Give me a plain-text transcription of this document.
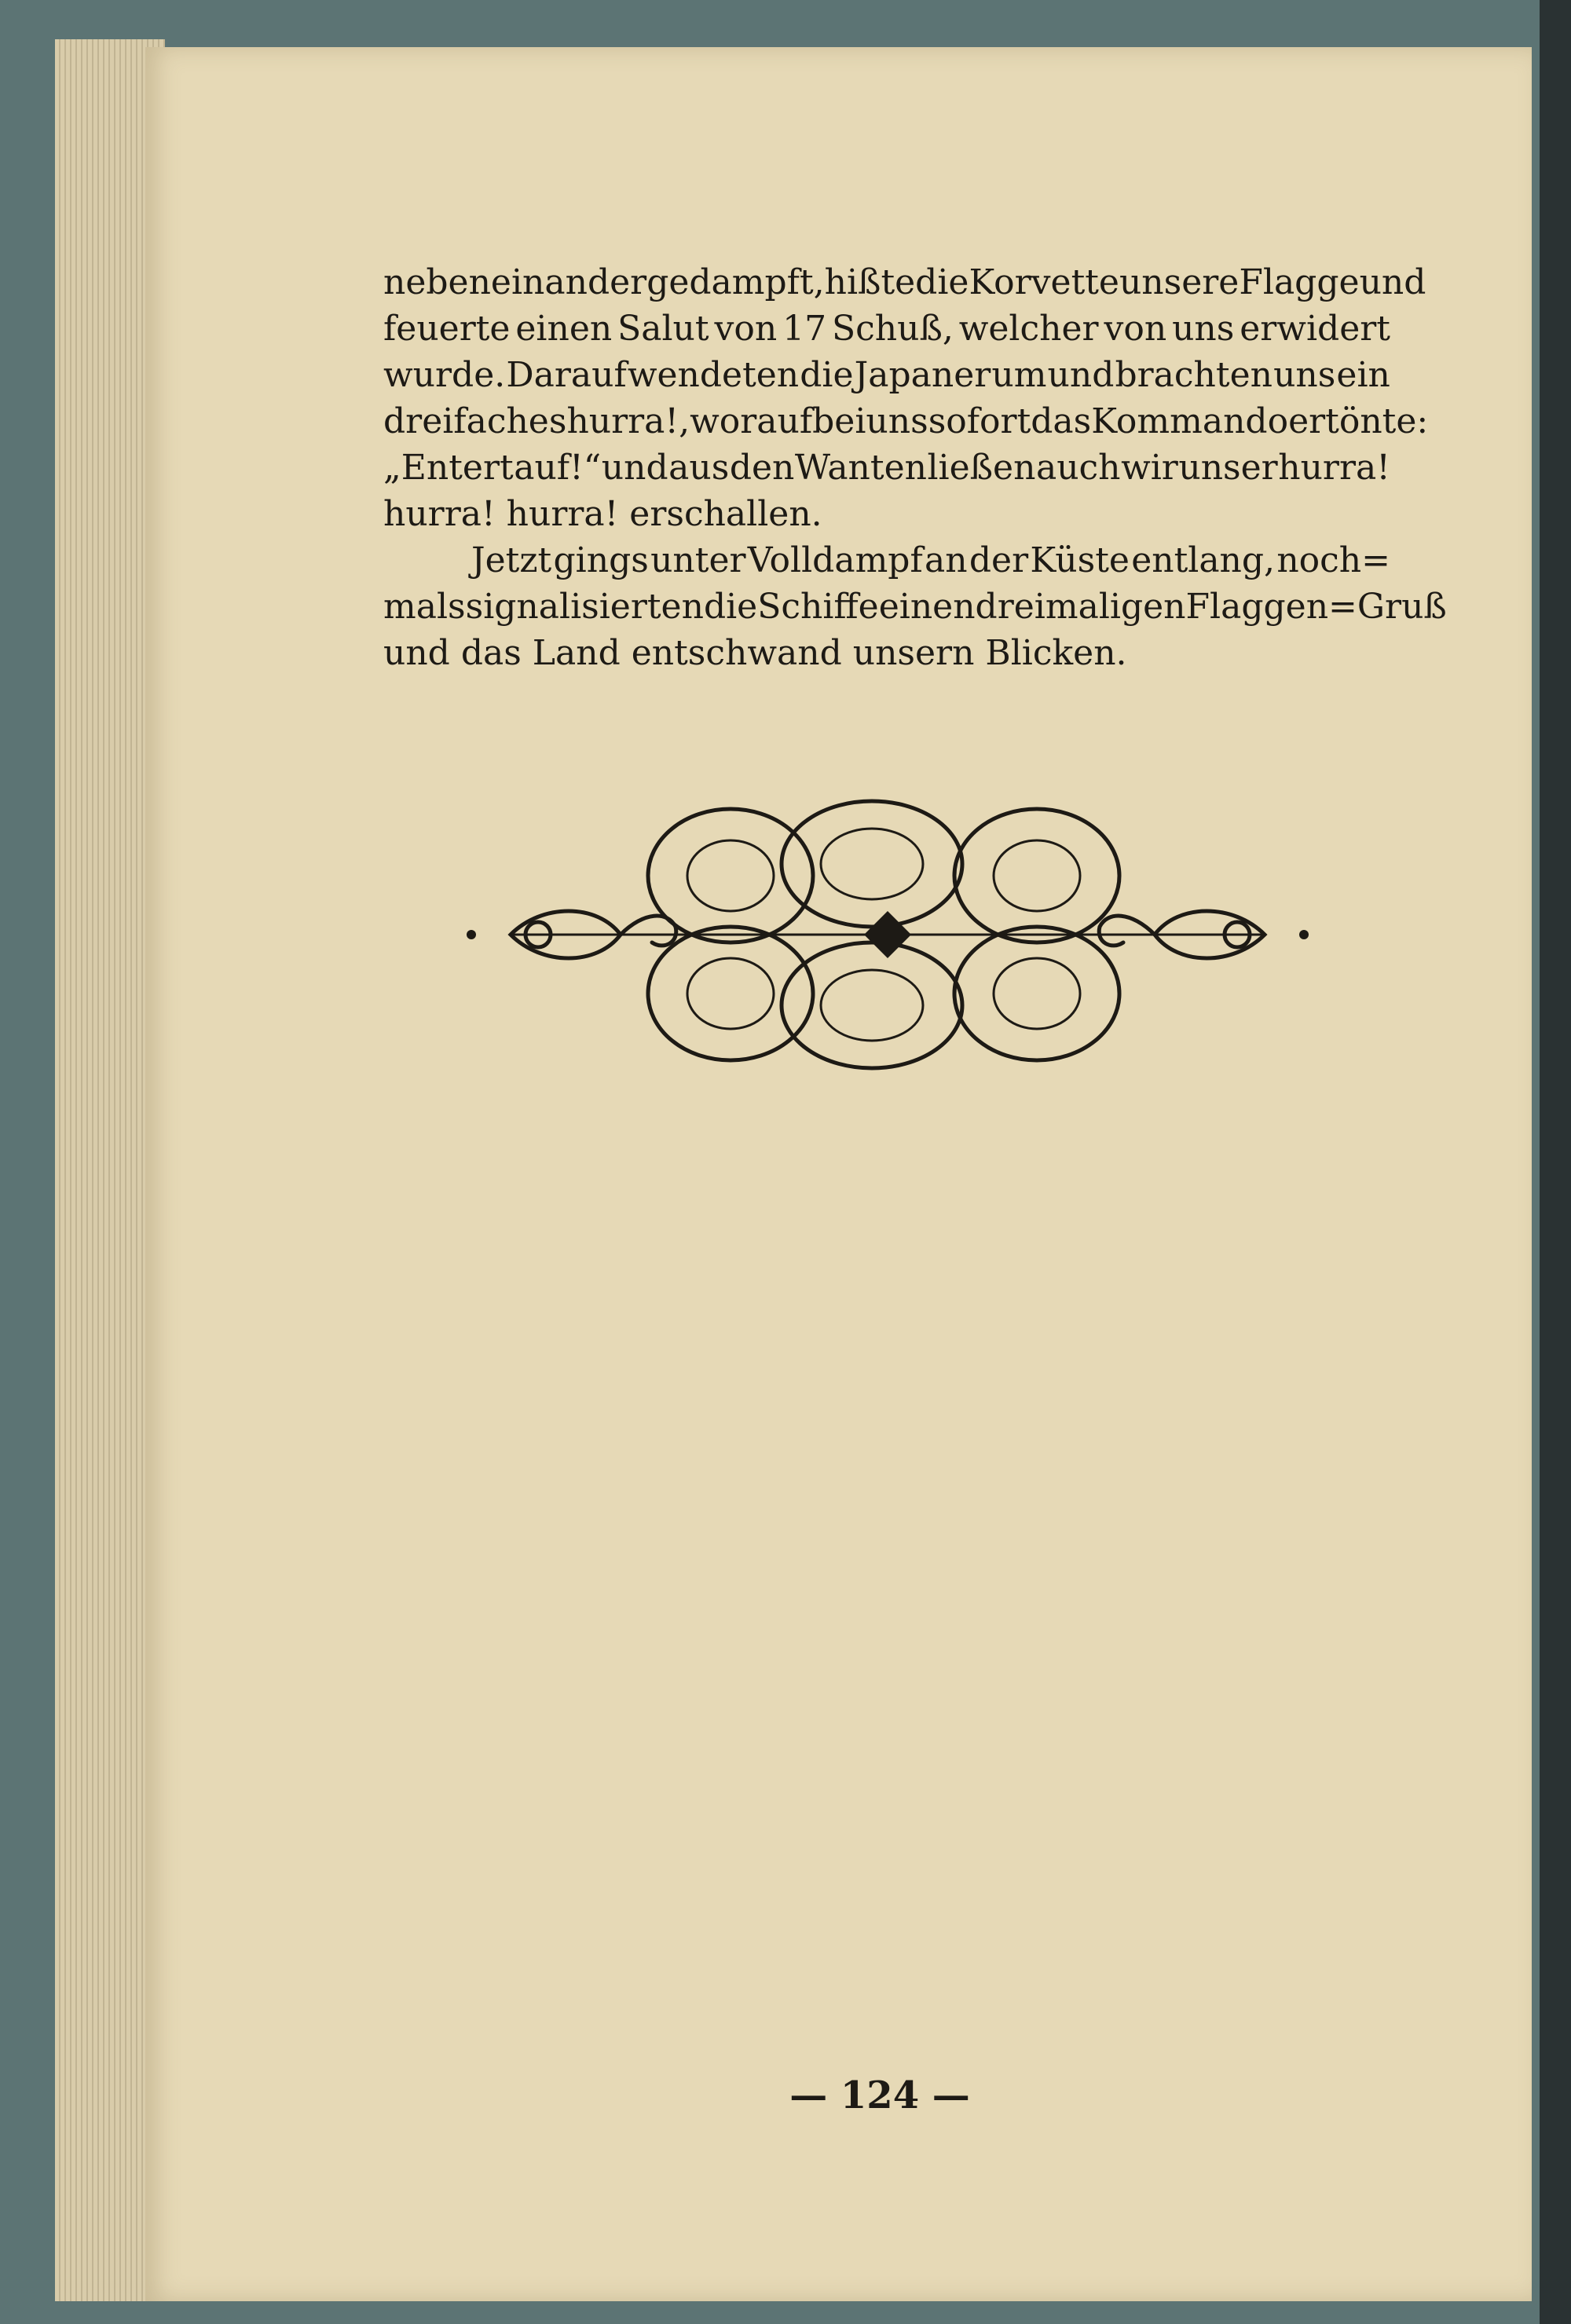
neben einander gedampft, hißte die Korvette unsere Flagge und
feuerte einen Salut von 17 Schuß, welcher von uns erwidert
wurde. Darauf wendeten die Japaner um und brachten uns ein
dreifaches hurra!, worauf bei uns sofort das Kommando ertönte:
„Entert auf!“ und aus den Wanten ließen auch wir unser hurra!
hurra! hurra! erschallen.
Jetzt gings unter Volldampf an der Küste entlang, noch=
mals signalisierten die Schiffe einen dreimaligen Flaggen=Gruß
und das Land entschwand unsern Blicken.
— 124 —
